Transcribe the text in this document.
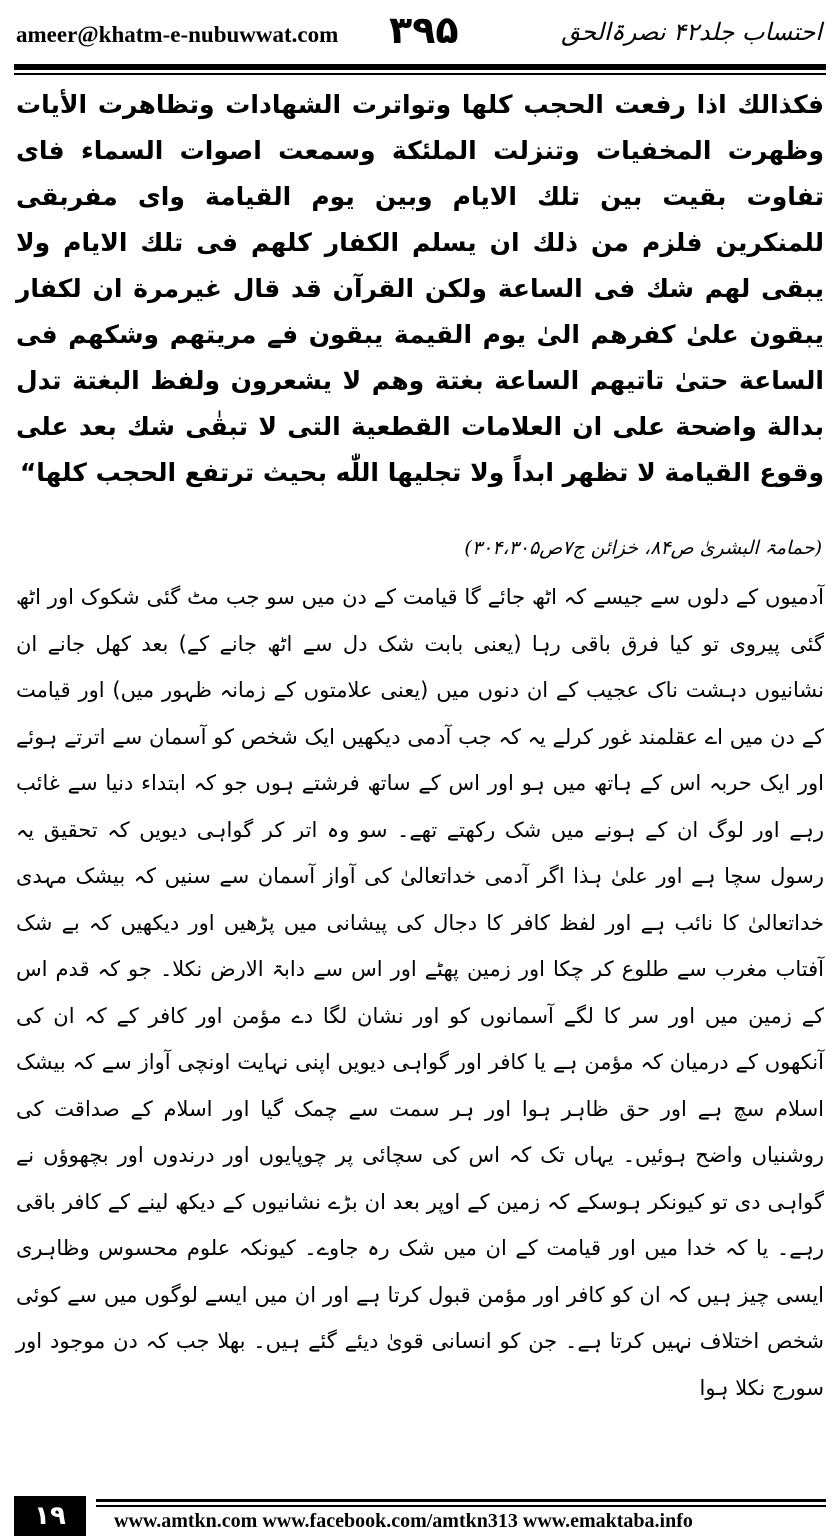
ameer@khatm-e-nubuwwat.com ۳۹۵	احتساب جلد۴۲ نصرۃالحق

فکذالك اذا رفعت الحجب کلها وتواترت الشهادات وتظاهرت الأیات وظهرت المخفیات وتنزلت الملئکة وسمعت اصوات السماء فای تفاوت بقیت بین تلك الایام وبین یوم القیامة وای مفربقی للمنکرین فلزم من ذلك ان یسلم الکفار کلهم فی تلك الایام ولا یبقی لهم شك فی الساعة ولکن القرآن قد قال غیرمرة ان لکفار یبقون علیٰ کفرهم الیٰ یوم القیمة یبقون فے مریتهم وشکهم فی الساعة حتیٰ تاتیهم الساعة بغتة وهم لا یشعرون ولفظ البغتة تدل بدالة واضحة علی ان العلامات القطعیة التی لا تبقٰی شك بعد علی وقوع القیامة لا تظهر ابداً ولا تجلیها اللّٰه بحیث ترتفع الحجب کلها“

(حمامۃ البشریٰ ص۸۴، خزائن ج۷ص۳۰۴،۳۰۵)

آدمیوں کے دلوں سے جیسے کہ اٹھ جائے گا قیامت کے دن میں سو جب مٹ گئی شکوک اور اٹھ گئی پیروی تو کیا فرق باقی رہا (یعنی بابت شک دل سے اٹھ جانے کے) بعد کھل جانے ان نشانیوں دہشت ناک عجیب کے ان دنوں میں (یعنی علامتوں کے زمانہ ظہور میں) اور قیامت کے دن میں اے عقلمند غور کرلے یہ کہ جب آدمی دیکھیں ایک شخص کو آسمان سے اترتے ہوئے اور ایک حربہ اس کے ہاتھ میں ہو اور اس کے ساتھ فرشتے ہوں جو کہ ابتداء دنیا سے غائب رہے اور لوگ ان کے ہونے میں شک رکھتے تھے۔ سو وہ اتر کر گواہی دیویں کہ تحقیق یہ رسول سچا ہے اور علیٰ ہذا اگر آدمی خداتعالیٰ کی آواز آسمان سے سنیں کہ بیشک مہدی خداتعالیٰ کا نائب ہے اور لفظ کافر کا دجال کی پیشانی میں پڑھیں اور دیکھیں کہ بے شک آفتاب مغرب سے طلوع کر چکا اور زمین پھٹے اور اس سے دابۃ الارض نکلا۔ جو کہ قدم اس کے زمین میں اور سر کا لگے آسمانوں کو اور نشان لگا دے مؤمن اور کافر کے کہ ان کی آنکھوں کے درمیان کہ مؤمن ہے یا کافر اور گواہی دیویں اپنی نہایت اونچی آواز سے کہ بیشک اسلام سچ ہے اور حق ظاہر ہوا اور ہر سمت سے چمک گیا اور اسلام کے صداقت کی روشنیاں واضح ہوئیں۔ یہاں تک کہ اس کی سچائی پر چوپایوں اور درندوں اور بچھوؤں نے گواہی دی تو کیونکر ہوسکے کہ زمین کے اوپر بعد ان بڑے نشانیوں کے دیکھ لینے کے کافر باقی رہے۔ یا کہ خدا میں اور قیامت کے ان میں شک رہ جاوے۔ کیونکہ علوم محسوس وظاہری ایسی چیز ہیں کہ ان کو کافر اور مؤمن قبول کرتا ہے اور ان میں ایسے لوگوں میں سے کوئی شخص اختلاف نہیں کرتا ہے۔ جن کو انسانی قویٰ دیئے گئے ہیں۔ بھلا جب کہ دن موجود اور سورج نکلا ہوا

۱۹	www.amtkn.com www.facebook.com/amtkn313 www.emaktaba.info
